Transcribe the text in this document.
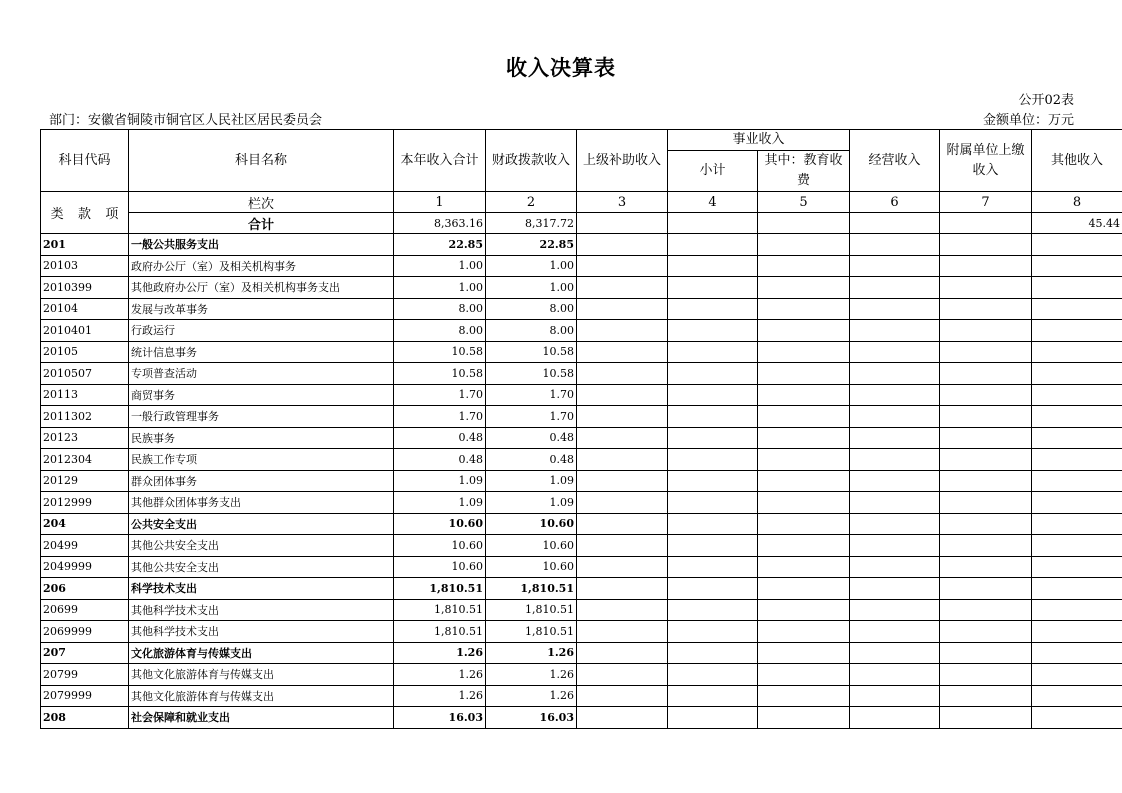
收入决算表
公开02表
部门：安徽省铜陵市铜官区人民社区居民委员会	金额单位：万元
科目代码	科目名称	本年收入合计	财政拨款收入	上级补助收入	事业收入		经营收入	附属单位上缴收入	其他收入
					小计	其中：教育收费			
类 款 项	栏次	1	2	3	4	5	6	7	8
	合计	8,363.16	8,317.72						45.44
201	一般公共服务支出	22.85	22.85						
20103	政府办公厅（室）及相关机构事务	1.00	1.00						
2010399	其他政府办公厅（室）及相关机构事务支出	1.00	1.00						
20104	发展与改革事务	8.00	8.00						
2010401	行政运行	8.00	8.00						
20105	统计信息事务	10.58	10.58						
2010507	专项普查活动	10.58	10.58						
20113	商贸事务	1.70	1.70						
2011302	一般行政管理事务	1.70	1.70						
20123	民族事务	0.48	0.48						
2012304	民族工作专项	0.48	0.48						
20129	群众团体事务	1.09	1.09						
2012999	其他群众团体事务支出	1.09	1.09						
204	公共安全支出	10.60	10.60						
20499	其他公共安全支出	10.60	10.60						
2049999	其他公共安全支出	10.60	10.60						
206	科学技术支出	1,810.51	1,810.51						
20699	其他科学技术支出	1,810.51	1,810.51						
2069999	其他科学技术支出	1,810.51	1,810.51						
207	文化旅游体育与传媒支出	1.26	1.26						
20799	其他文化旅游体育与传媒支出	1.26	1.26						
2079999	其他文化旅游体育与传媒支出	1.26	1.26						
208	社会保障和就业支出	16.03	16.03						
